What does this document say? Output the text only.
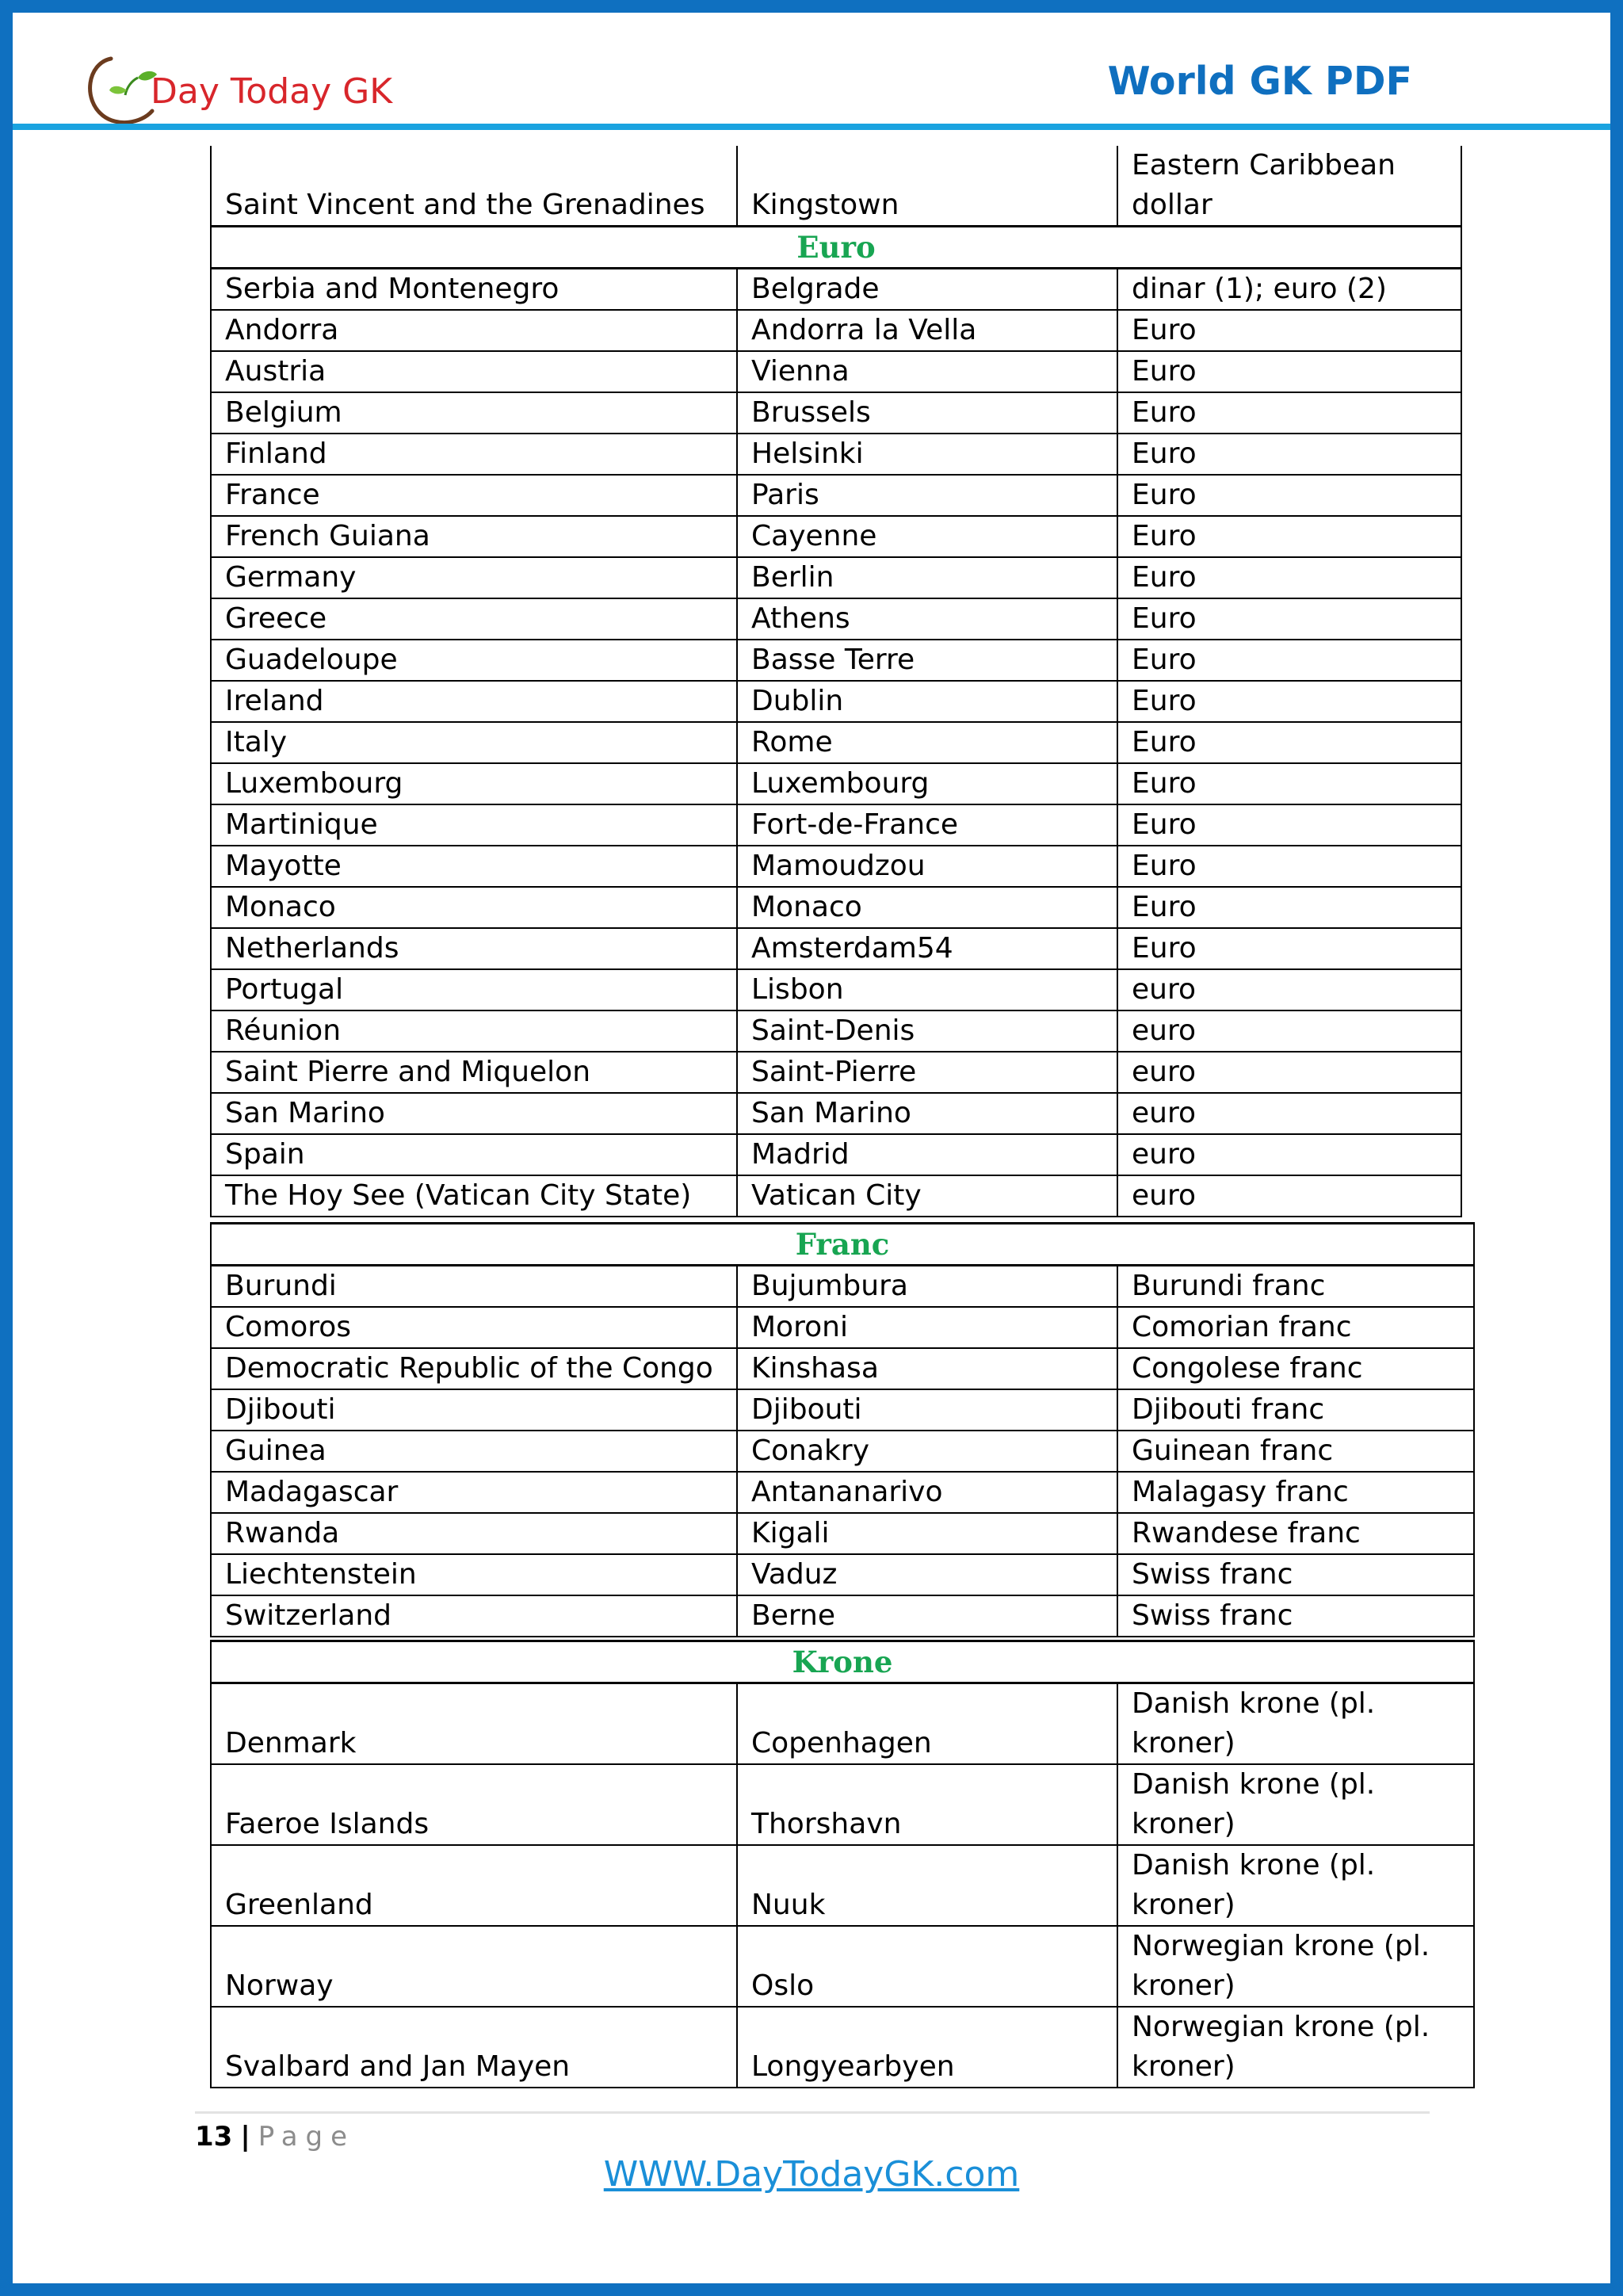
Day Today GK	World GK PDF
Saint Vincent and the Grenadines	Kingstown	Eastern Caribbean dollar
Euro		
Serbia and Montenegro	Belgrade	dinar (1); euro (2)
Andorra	Andorra la Vella	Euro
Austria	Vienna	Euro
Belgium	Brussels	Euro
Finland	Helsinki	Euro
France	Paris	Euro
French Guiana	Cayenne	Euro
Germany	Berlin	Euro
Greece	Athens	Euro
Guadeloupe	Basse Terre	Euro
Ireland	Dublin	Euro
Italy	Rome	Euro
Luxembourg	Luxembourg	Euro
Martinique	Fort-de-France	Euro
Mayotte	Mamoudzou	Euro
Monaco	Monaco	Euro
Netherlands	Amsterdam54	Euro
Portugal	Lisbon	euro
Réunion	Saint-Denis	euro
Saint Pierre and Miquelon	Saint-Pierre	euro
San Marino	San Marino	euro
Spain	Madrid	euro
The Hoy See (Vatican City State)	Vatican City	euro
Franc		
Burundi	Bujumbura	Burundi franc
Comoros	Moroni	Comorian franc
Democratic Republic of the Congo	Kinshasa	Congolese franc
Djibouti	Djibouti	Djibouti franc
Guinea	Conakry	Guinean franc
Madagascar	Antananarivo	Malagasy franc
Rwanda	Kigali	Rwandese franc
Liechtenstein	Vaduz	Swiss franc
Switzerland	Berne	Swiss franc
Krone		
Denmark	Copenhagen	Danish krone (pl. kroner)
Faeroe Islands	Thorshavn	Danish krone (pl. kroner)
Greenland	Nuuk	Danish krone (pl. kroner)
Norway	Oslo	Norwegian krone (pl. kroner)
Svalbard and Jan Mayen	Longyearbyen	Norwegian krone (pl. kroner)
13 | Page
WWW.DayTodayGK.com
